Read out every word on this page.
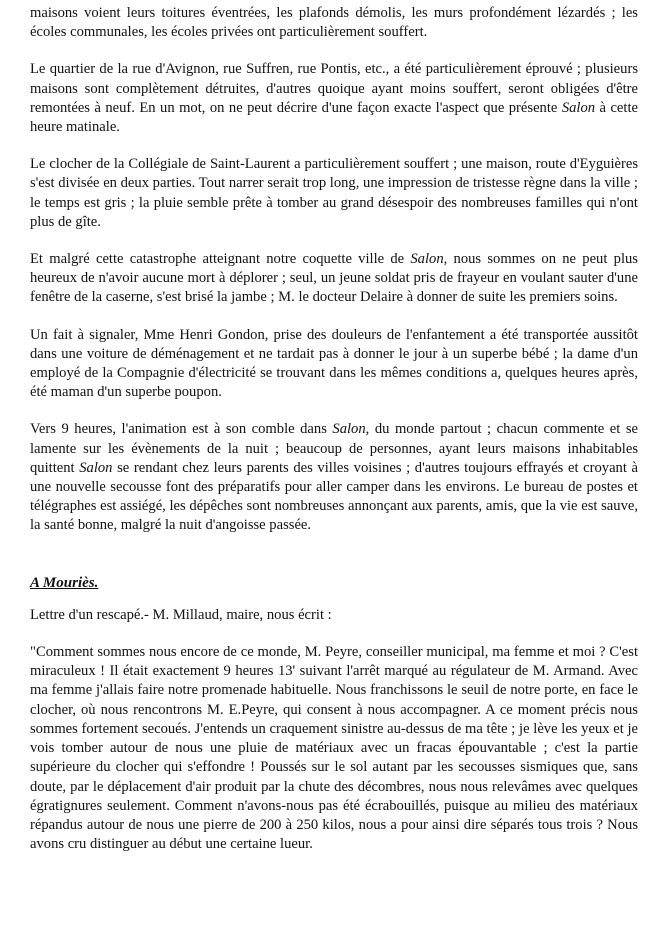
maisons voient leurs toitures éventrées, les plafonds démolis, les murs profondément lézardés ; les écoles communales, les écoles privées ont particulièrement souffert.

Le quartier de la rue d'Avignon, rue Suffren, rue Pontis, etc., a été particulièrement éprouvé ; plusieurs maisons sont complètement détruites, d'autres quoique ayant moins souffert, seront obligées d'être remontées à neuf. En un mot, on ne peut décrire d'une façon exacte l'aspect que présente Salon à cette heure matinale.

Le clocher de la Collégiale de Saint-Laurent a particulièrement souffert ; une maison, route d'Eyguières s'est divisée en deux parties. Tout narrer serait trop long, une impression de tristesse règne dans la ville ; le temps est gris ; la pluie semble prête à tomber au grand désespoir des nombreuses familles qui n'ont plus de gîte.

Et malgré cette catastrophe atteignant notre coquette ville de Salon, nous sommes on ne peut plus heureux de n'avoir aucune mort à déplorer ; seul, un jeune soldat pris de frayeur en voulant sauter d'une fenêtre de la caserne, s'est brisé la jambe ; M. le docteur Delaire à donner de suite les premiers soins.

Un fait à signaler, Mme Henri Gondon, prise des douleurs de l'enfantement a été transportée aussitôt dans une voiture de déménagement et ne tardait pas à donner le jour à un superbe bébé ; la dame d'un employé de la Compagnie d'électricité se trouvant dans les mêmes conditions a, quelques heures après, été maman d'un superbe poupon.

Vers 9 heures, l'animation est à son comble dans Salon, du monde partout ; chacun commente et se lamente sur les évènements de la nuit ; beaucoup de personnes, ayant leurs maisons inhabitables quittent Salon se rendant chez leurs parents des villes voisines ; d'autres toujours effrayés et croyant à une nouvelle secousse font des préparatifs pour aller camper dans les environs. Le bureau de postes et télégraphes est assiégé, les dépêches sont nombreuses annonçant aux parents, amis, que la vie est sauve, la santé bonne, malgré la nuit d'angoisse passée.

A Mouriès.

Lettre d'un rescapé.- M. Millaud, maire, nous écrit :

"Comment sommes nous encore de ce monde, M. Peyre, conseiller municipal, ma femme et moi ? C'est miraculeux ! Il était exactement 9 heures 13' suivant l'arrêt marqué au régulateur de M. Armand. Avec ma femme j'allais faire notre promenade habituelle. Nous franchissons le seuil de notre porte, en face le clocher, où nous rencontrons M. E.Peyre, qui consent à nous accompagner. A ce moment précis nous sommes fortement secoués. J'entends un craquement sinistre au-dessus de ma tête ; je lève les yeux et je vois tomber autour de nous une pluie de matériaux avec un fracas épouvantable ; c'est la partie supérieure du clocher qui s'effondre ! Poussés sur le sol autant par les secousses sismiques que, sans doute, par le déplacement d'air produit par la chute des décombres, nous nous relevâmes avec quelques égratignures seulement. Comment n'avons-nous pas été écrabouillés, puisque au milieu des matériaux répandus autour de nous une pierre de 200 à 250 kilos, nous a pour ainsi dire séparés tous trois ? Nous avons cru distinguer au début une certaine lueur.
